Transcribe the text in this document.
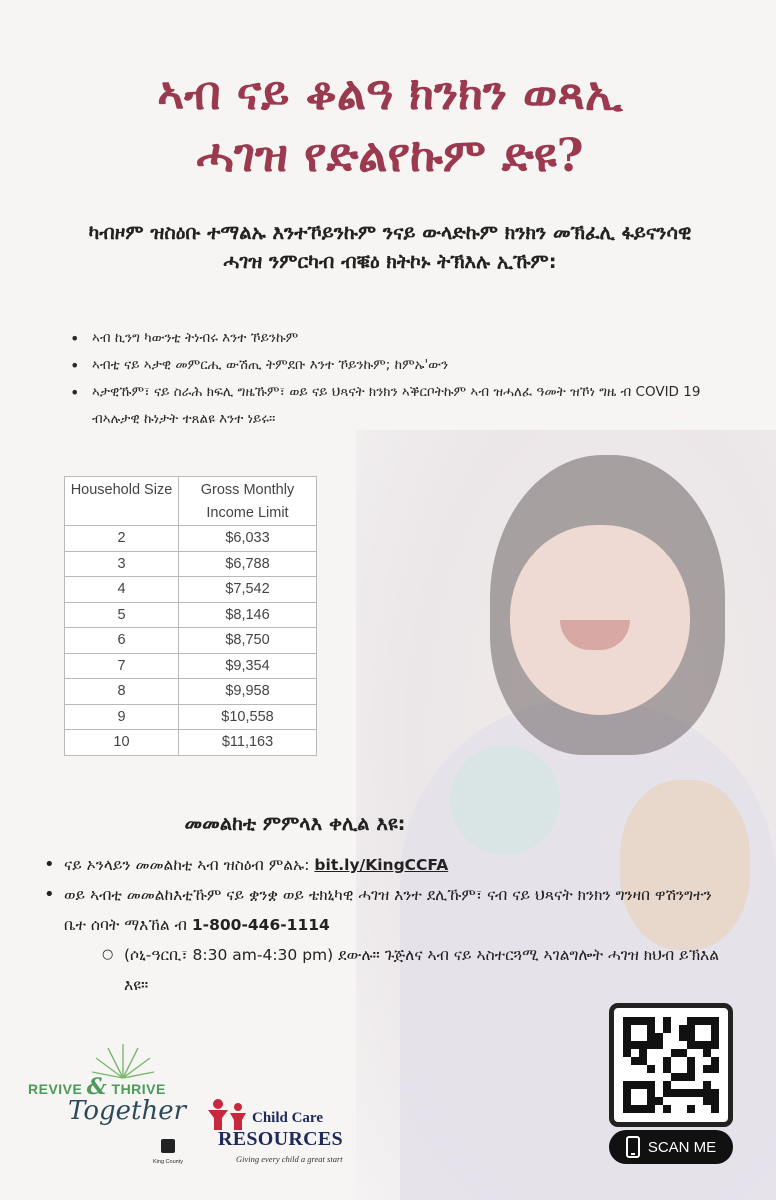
ኣብ ናይ ቆልዓ ክንክን ወጻኢ
ሓገዝ የድልየኩም ድዩ?

ካብዞም ዝስዕቡ ተማልኡ እንተኾይንኩም ንናይ ውላድኩም ክንክን መኽፈሊ ፋይናንሳዊ ሓገዝ ንምርካብ ብቑዕ ክትኮኑ ትኽእሉ ኢኹም:

• ኣብ ኪንግ ካውንቲ ትነብሩ እንተ ኾይንኩም
• ኣብቲ ናይ ኣታዊ መምርሒ ውሽጢ ትምደቡ እንተ ኾይንኩም; ከምኡ'ውን
• ኣታዊኹም፣ ናይ ስራሕ ክፍሊ ግዜኹም፣ ወይ ናይ ህጻናት ክንክን ኣቕርቦትኩም ኣብ ዝሓለፈ ዓመት ዝኾነ ግዜ ብ COVID 19 ብኣሉታዊ ኩነታት ተጸልዩ እንተ ነይሩ።
Household Size	Gross Monthly Income Limit
2	$6,033
3	$6,788
4	$7,542
5	$8,146
6	$8,750
7	$9,354
8	$9,958
9	$10,558
10	$11,163
መመልከቲ ምምላእ ቀሊል እዩ:
• ናይ ኦንላይን መመልከቲ ኣብ ዝስዕብ ምልኡ: bit.ly/KingCCFA
• ወይ ኣብቲ መመልከእቲኹም ናይ ቋንቋ ወይ ቴክኒካዊ ሓገዝ እንተ ደሊኹም፣ ናብ ናይ ህጻናት ክንክን ግንዛበ ዋሽንግተን ቤተ ሰባት ማእኸል ብ 1-800-446-1114
○ (ሶኒ-ዓርቢ፣ 8:30 am-4:30 pm) ደውሉ። ጉጅለና ኣብ ናይ ኣስተርጓሚ ኣገልግሎት ሓገዝ ክህብ ይኽእል እዩ።
SCAN ME
REVIVE & THRIVE
Together
King County
Child Care
RESOURCES
Giving every child a great start
